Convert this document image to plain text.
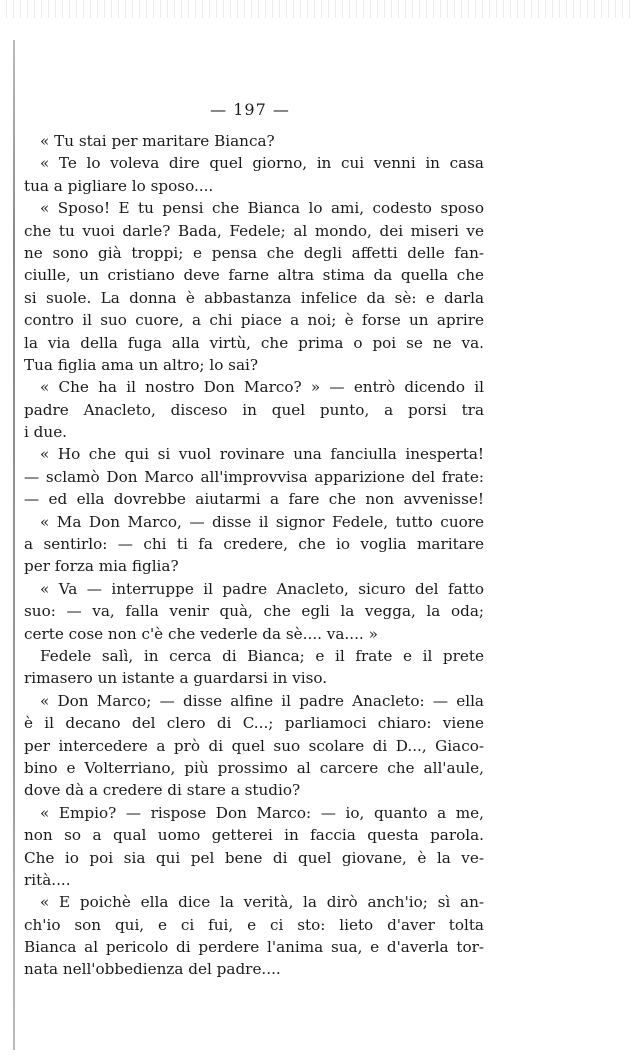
— 197 —
« Tu stai per maritare Bianca?
« Te lo voleva dire quel giorno, in cui venni in casa
tua a pigliare lo sposo....
« Sposo! E tu pensi che Bianca lo ami, codesto sposo
che tu vuoi darle? Bada, Fedele; al mondo, dei miseri ve
ne sono già troppi; e pensa che degli affetti delle fan-
ciulle, un cristiano deve farne altra stima da quella che
si suole. La donna è abbastanza infelice da sè: e darla
contro il suo cuore, a chi piace a noi; è forse un aprire
la via della fuga alla virtù, che prima o poi se ne va.
Tua figlia ama un altro; lo sai?
« Che ha il nostro Don Marco? » — entrò dicendo il
padre Anacleto, disceso in quel punto, a porsi tra
i due.
« Ho che qui si vuol rovinare una fanciulla inesperta!
— sclamò Don Marco all'improvvisa apparizione del frate:
— ed ella dovrebbe aiutarmi a fare che non avvenisse!
« Ma Don Marco, — disse il signor Fedele, tutto cuore
a sentirlo: — chi ti fa credere, che io voglia maritare
per forza mia figlia?
« Va — interruppe il padre Anacleto, sicuro del fatto
suo: — va, falla venir quà, che egli la vegga, la oda;
certe cose non c'è che vederle da sè.... va.... »
Fedele salì, in cerca di Bianca; e il frate e il prete
rimasero un istante a guardarsi in viso.
« Don Marco; — disse alfine il padre Anacleto: — ella
è il decano del clero di C...; parliamoci chiaro: viene
per intercedere a prò di quel suo scolare di D..., Giaco-
bino e Volterriano, più prossimo al carcere che all'aule,
dove dà a credere di stare a studio?
« Empio? — rispose Don Marco: — io, quanto a me,
non so a qual uomo getterei in faccia questa parola.
Che io poi sia qui pel bene di quel giovane, è la ve-
rità....
« E poichè ella dice la verità, la dirò anch'io; sì an-
ch'io son qui, e ci fui, e ci sto: lieto d'aver tolta
Bianca al pericolo di perdere l'anima sua, e d'averla tor-
nata nell'obbedienza del padre....
